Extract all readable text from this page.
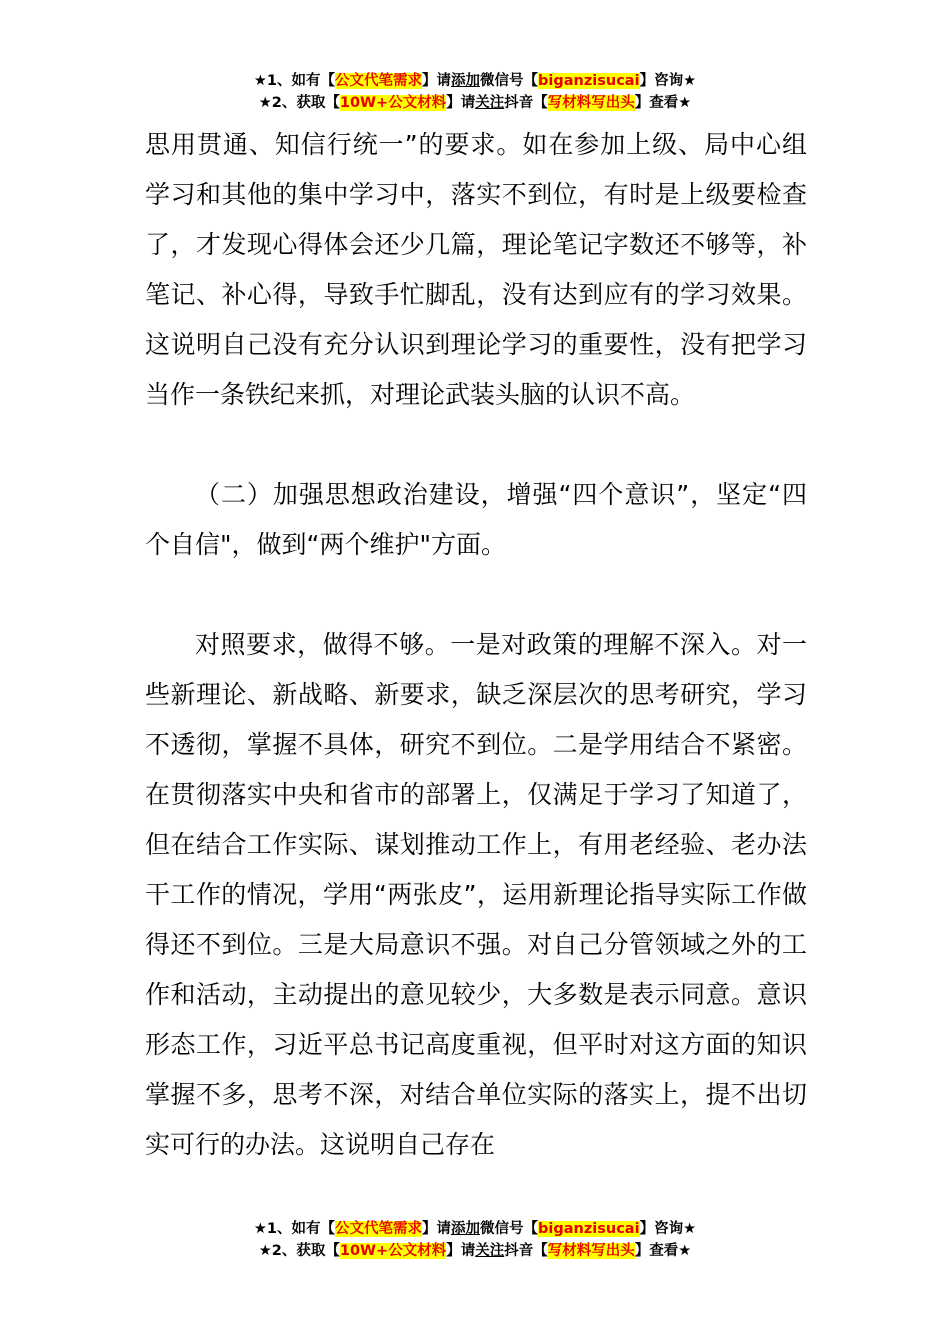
★1、如有【公文代笔需求】请添加微信号【biganzisucai】咨询★
★2、获取【10W+公文材料】请关注抖音【写材料写出头】查看★

思用贯通、知信行统一”的要求。如在参加上级、局中心组学习和其他的集中学习中，落实不到位，有时是上级要检查了，才发现心得体会还少几篇，理论笔记字数还不够等，补笔记、补心得，导致手忙脚乱，没有达到应有的学习效果。这说明自己没有充分认识到理论学习的重要性，没有把学习当作一条铁纪来抓，对理论武装头脑的认识不高。

（二）加强思想政治建设，增强“四个意识”，坚定“四个自信"，做到“两个维护"方面。

对照要求，做得不够。一是对政策的理解不深入。对一些新理论、新战略、新要求，缺乏深层次的思考研究，学习不透彻，掌握不具体，研究不到位。二是学用结合不紧密。在贯彻落实中央和省市的部署上，仅满足于学习了知道了，但在结合工作实际、谋划推动工作上，有用老经验、老办法干工作的情况，学用“两张皮”，运用新理论指导实际工作做得还不到位。三是大局意识不强。对自己分管领域之外的工作和活动，主动提出的意见较少，大多数是表示同意。意识形态工作，习近平总书记高度重视，但平时对这方面的知识掌握不多，思考不深，对结合单位实际的落实上，提不出切实可行的办法。这说明自己存在

★1、如有【公文代笔需求】请添加微信号【biganzisucai】咨询★
★2、获取【10W+公文材料】请关注抖音【写材料写出头】查看★
